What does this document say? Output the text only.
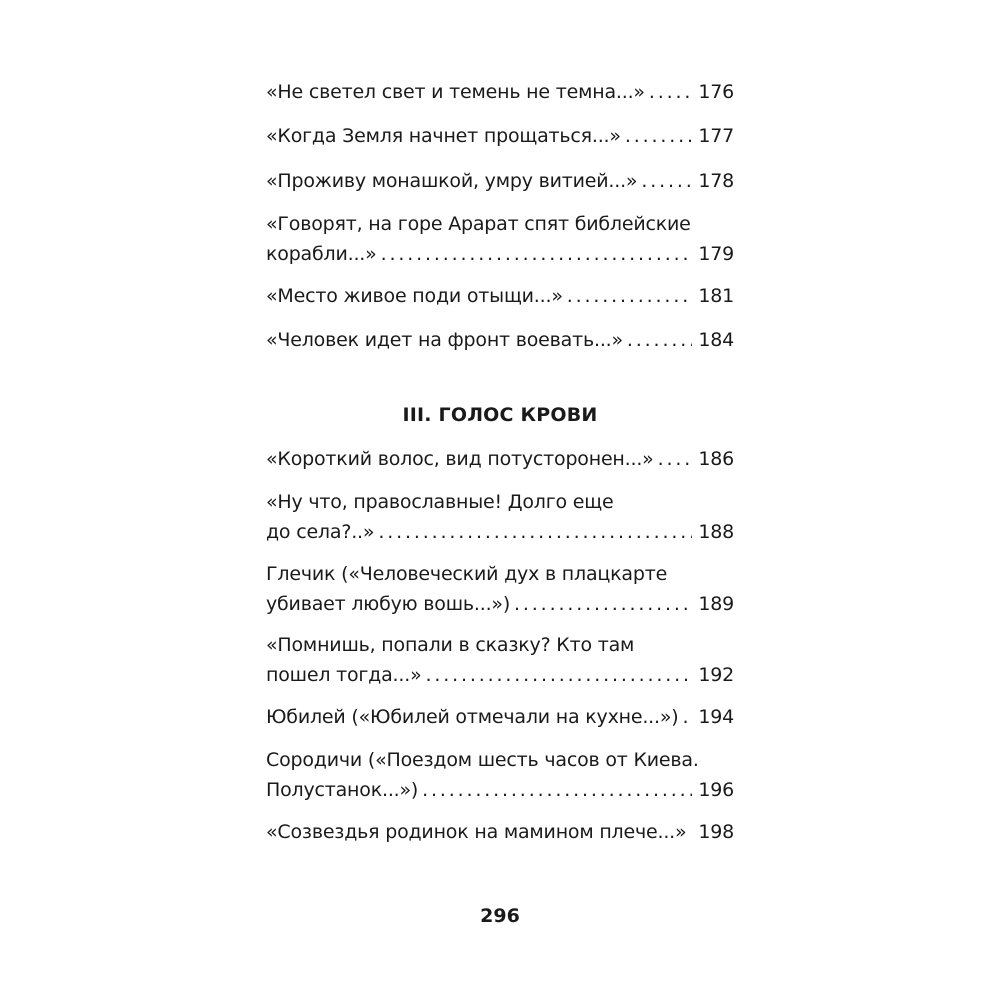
«Не светел свет и темень не темна...» . . .	176
«Когда Земля начнет прощаться...» . . .	177
«Проживу монашкой, умру витией...» . . .	178
«Говорят, на горе Арарат спят библейские
корабли...» . . .	179
«Место живое поди отыщи...» . . .	181
«Человек идет на фронт воевать...» . . .	184
III. ГОЛОС КРОВИ
«Короткий волос, вид потусторонен...» . . . 186
«Ну что, православные! Долго еще
до села?..» . . .	188
Глечик («Человеческий дух в плацкарте
убивает любую вошь...») . . .	189
«Помнишь, попали в сказку? Кто там
пошел тогда...» . . .	192
Юбилей («Юбилей отмечали на кухне...») . . . 194
Сородичи («Поездом шесть часов от Киева.
Полустанок...») . . .	196
«Созвездья родинок на мамином плече...» . . . 198
296
